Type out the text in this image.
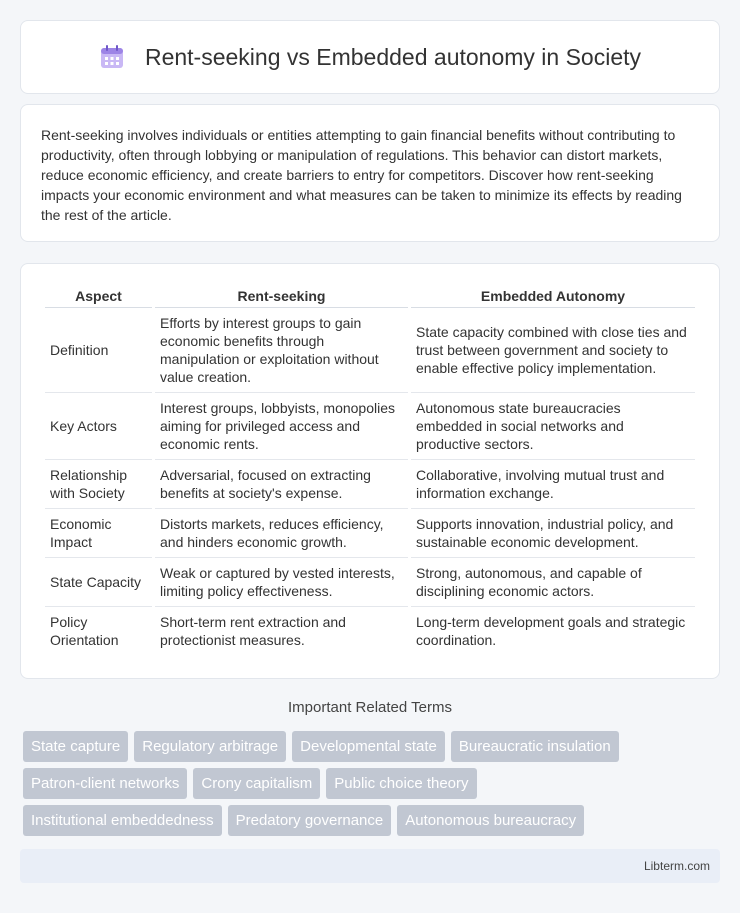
Rent-seeking vs Embedded autonomy in Society

Rent-seeking involves individuals or entities attempting to gain financial benefits without contributing to productivity, often through lobbying or manipulation of regulations. This behavior can distort markets, reduce economic efficiency, and create barriers to entry for competitors. Discover how rent-seeking impacts your economic environment and what measures can be taken to minimize its effects by reading the rest of the article.

Aspect	Rent-seeking	Embedded Autonomy
Definition	Efforts by interest groups to gain economic benefits through manipulation or exploitation without value creation.	State capacity combined with close ties and trust between government and society to enable effective policy implementation.
Key Actors	Interest groups, lobbyists, monopolies aiming for privileged access and economic rents.	Autonomous state bureaucracies embedded in social networks and productive sectors.
Relationship with Society	Adversarial, focused on extracting benefits at society's expense.	Collaborative, involving mutual trust and information exchange.
Economic Impact	Distorts markets, reduces efficiency, and hinders economic growth.	Supports innovation, industrial policy, and sustainable economic development.
State Capacity	Weak or captured by vested interests, limiting policy effectiveness.	Strong, autonomous, and capable of disciplining economic actors.
Policy Orientation	Short-term rent extraction and protectionist measures.	Long-term development goals and strategic coordination.
Important Related Terms
State capture	Regulatory arbitrage	Developmental state	Bureaucratic insulation
Patron-client networks	Crony capitalism	Public choice theory
Institutional embeddedness	Predatory governance	Autonomous bureaucracy
Libterm.com
